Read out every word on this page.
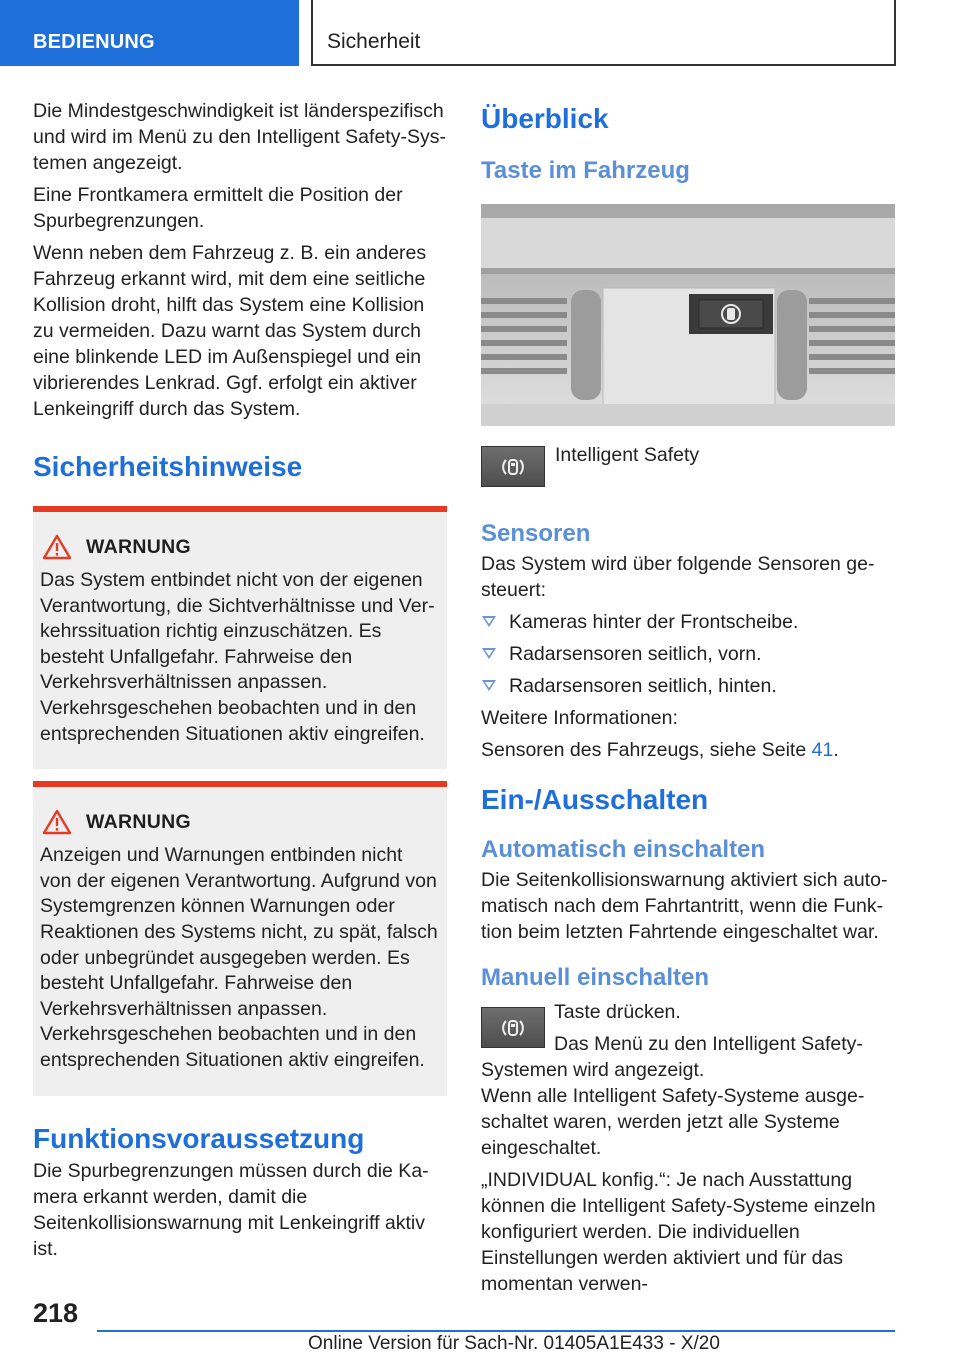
BEDIENUNG	Sicherheit

Die Mindestgeschwindigkeit ist länderspezifisch und wird im Menü zu den Intelligent Safety-Systemen angezeigt.

Eine Frontkamera ermittelt die Position der Spurbegrenzungen.

Wenn neben dem Fahrzeug z. B. ein anderes Fahrzeug erkannt wird, mit dem eine seitliche Kollision droht, hilft das System eine Kollision zu vermeiden. Dazu warnt das System durch eine blinkende LED im Außenspiegel und ein vibrierendes Lenkrad. Ggf. erfolgt ein aktiver Lenkeingriff durch das System.

Sicherheitshinweise
WARNUNG

Das System entbindet nicht von der eigenen Verantwortung, die Sichtverhältnisse und Verkehrssituation richtig einzuschätzen. Es besteht Unfallgefahr. Fahrweise den Verkehrsverhältnissen anpassen. Verkehrsgeschehen beobachten und in den entsprechenden Situationen aktiv eingreifen.

WARNUNG

Anzeigen und Warnungen entbinden nicht von der eigenen Verantwortung. Aufgrund von Systemgrenzen können Warnungen oder Reaktionen des Systems nicht, zu spät, falsch oder unbegründet ausgegeben werden. Es besteht Unfallgefahr. Fahrweise den Verkehrsverhältnissen anpassen. Verkehrsgeschehen beobachten und in den entsprechenden Situationen aktiv eingreifen.

Funktionsvoraussetzung

Die Spurbegrenzungen müssen durch die Kamera erkannt werden, damit die Seitenkollisionswarnung mit Lenkeingriff aktiv ist.

Überblick
Taste im Fahrzeug

Intelligent Safety

Sensoren

Das System wird über folgende Sensoren gesteuert:

Kameras hinter der Frontscheibe.
Radarsensoren seitlich, vorn.
Radarsensoren seitlich, hinten.

Weitere Informationen:

Sensoren des Fahrzeugs, siehe Seite 41.

Ein-/Ausschalten
Automatisch einschalten

Die Seitenkollisionswarnung aktiviert sich automatisch nach dem Fahrtantritt, wenn die Funktion beim letzten Fahrtende eingeschaltet war.

Manuell einschalten

Taste drücken.

Das Menü zu den Intelligent Safety-Systemen wird angezeigt.

Wenn alle Intelligent Safety-Systeme ausgeschaltet waren, werden jetzt alle Systeme eingeschaltet.

„INDIVIDUAL konfig.“: Je nach Ausstattung können die Intelligent Safety-Systeme einzeln konfiguriert werden. Die individuellen Einstellungen werden aktiviert und für das momentan verwen-

218
Online Version für Sach-Nr. 01405A1E433 - X/20
